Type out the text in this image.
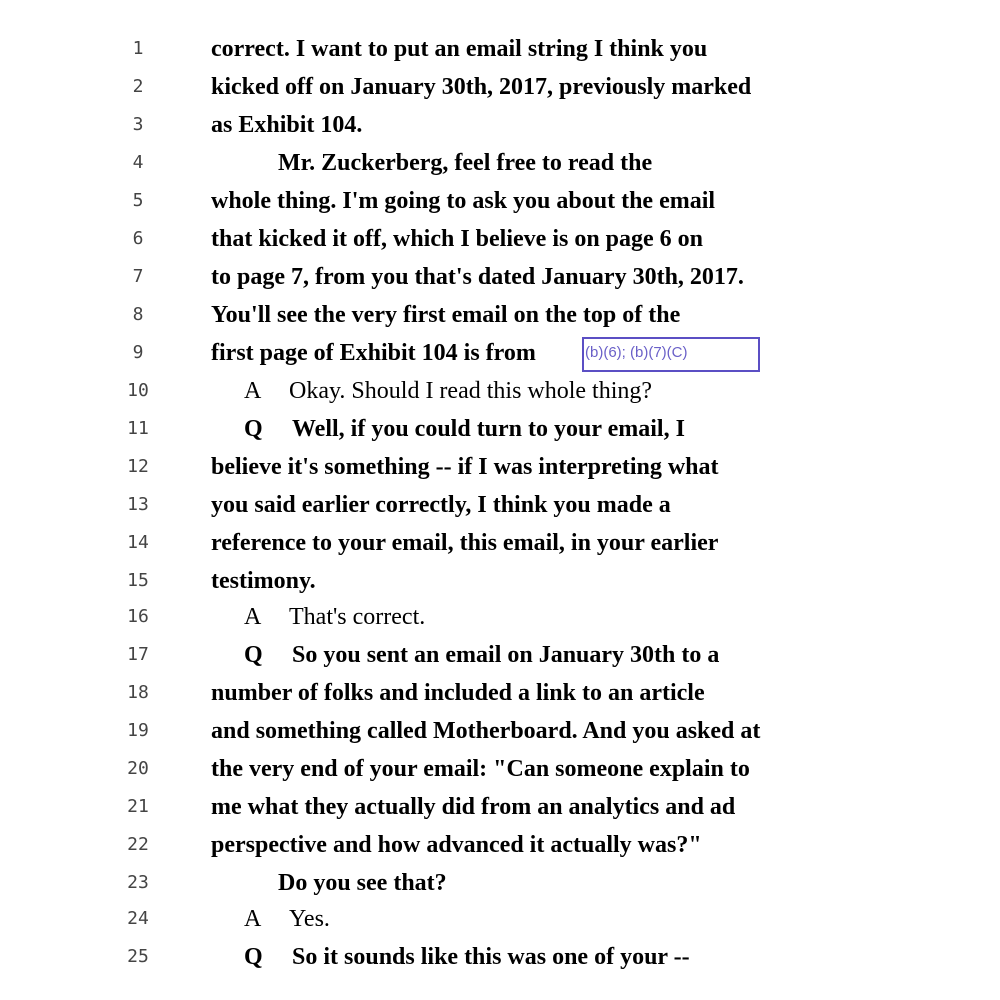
1	correct. I want to put an email string I think you
2	kicked off on January 30th, 2017, previously marked
3	as Exhibit 104.
4	Mr. Zuckerberg, feel free to read the
5	whole thing. I'm going to ask you about the email
6	that kicked it off, which I believe is on page 6 on
7	to page 7, from you that's dated January 30th, 2017.
8	You'll see the very first email on the top of the
9	first page of Exhibit 104 is from
10	A Okay. Should I read this whole thing?
11	Q Well, if you could turn to your email, I
12	believe it's something -- if I was interpreting what
13	you said earlier correctly, I think you made a
14	reference to your email, this email, in your earlier
15	testimony.
16	A That's correct.
17	Q So you sent an email on January 30th to a
18	number of folks and included a link to an article
19	and something called Motherboard. And you asked at
20	the very end of your email: "Can someone explain to
21	me what they actually did from an analytics and ad
22	perspective and how advanced it actually was?"
23	Do you see that?
24	A Yes.
25	Q So it sounds like this was one of your --
(b)(6); (b)(7)(C)
